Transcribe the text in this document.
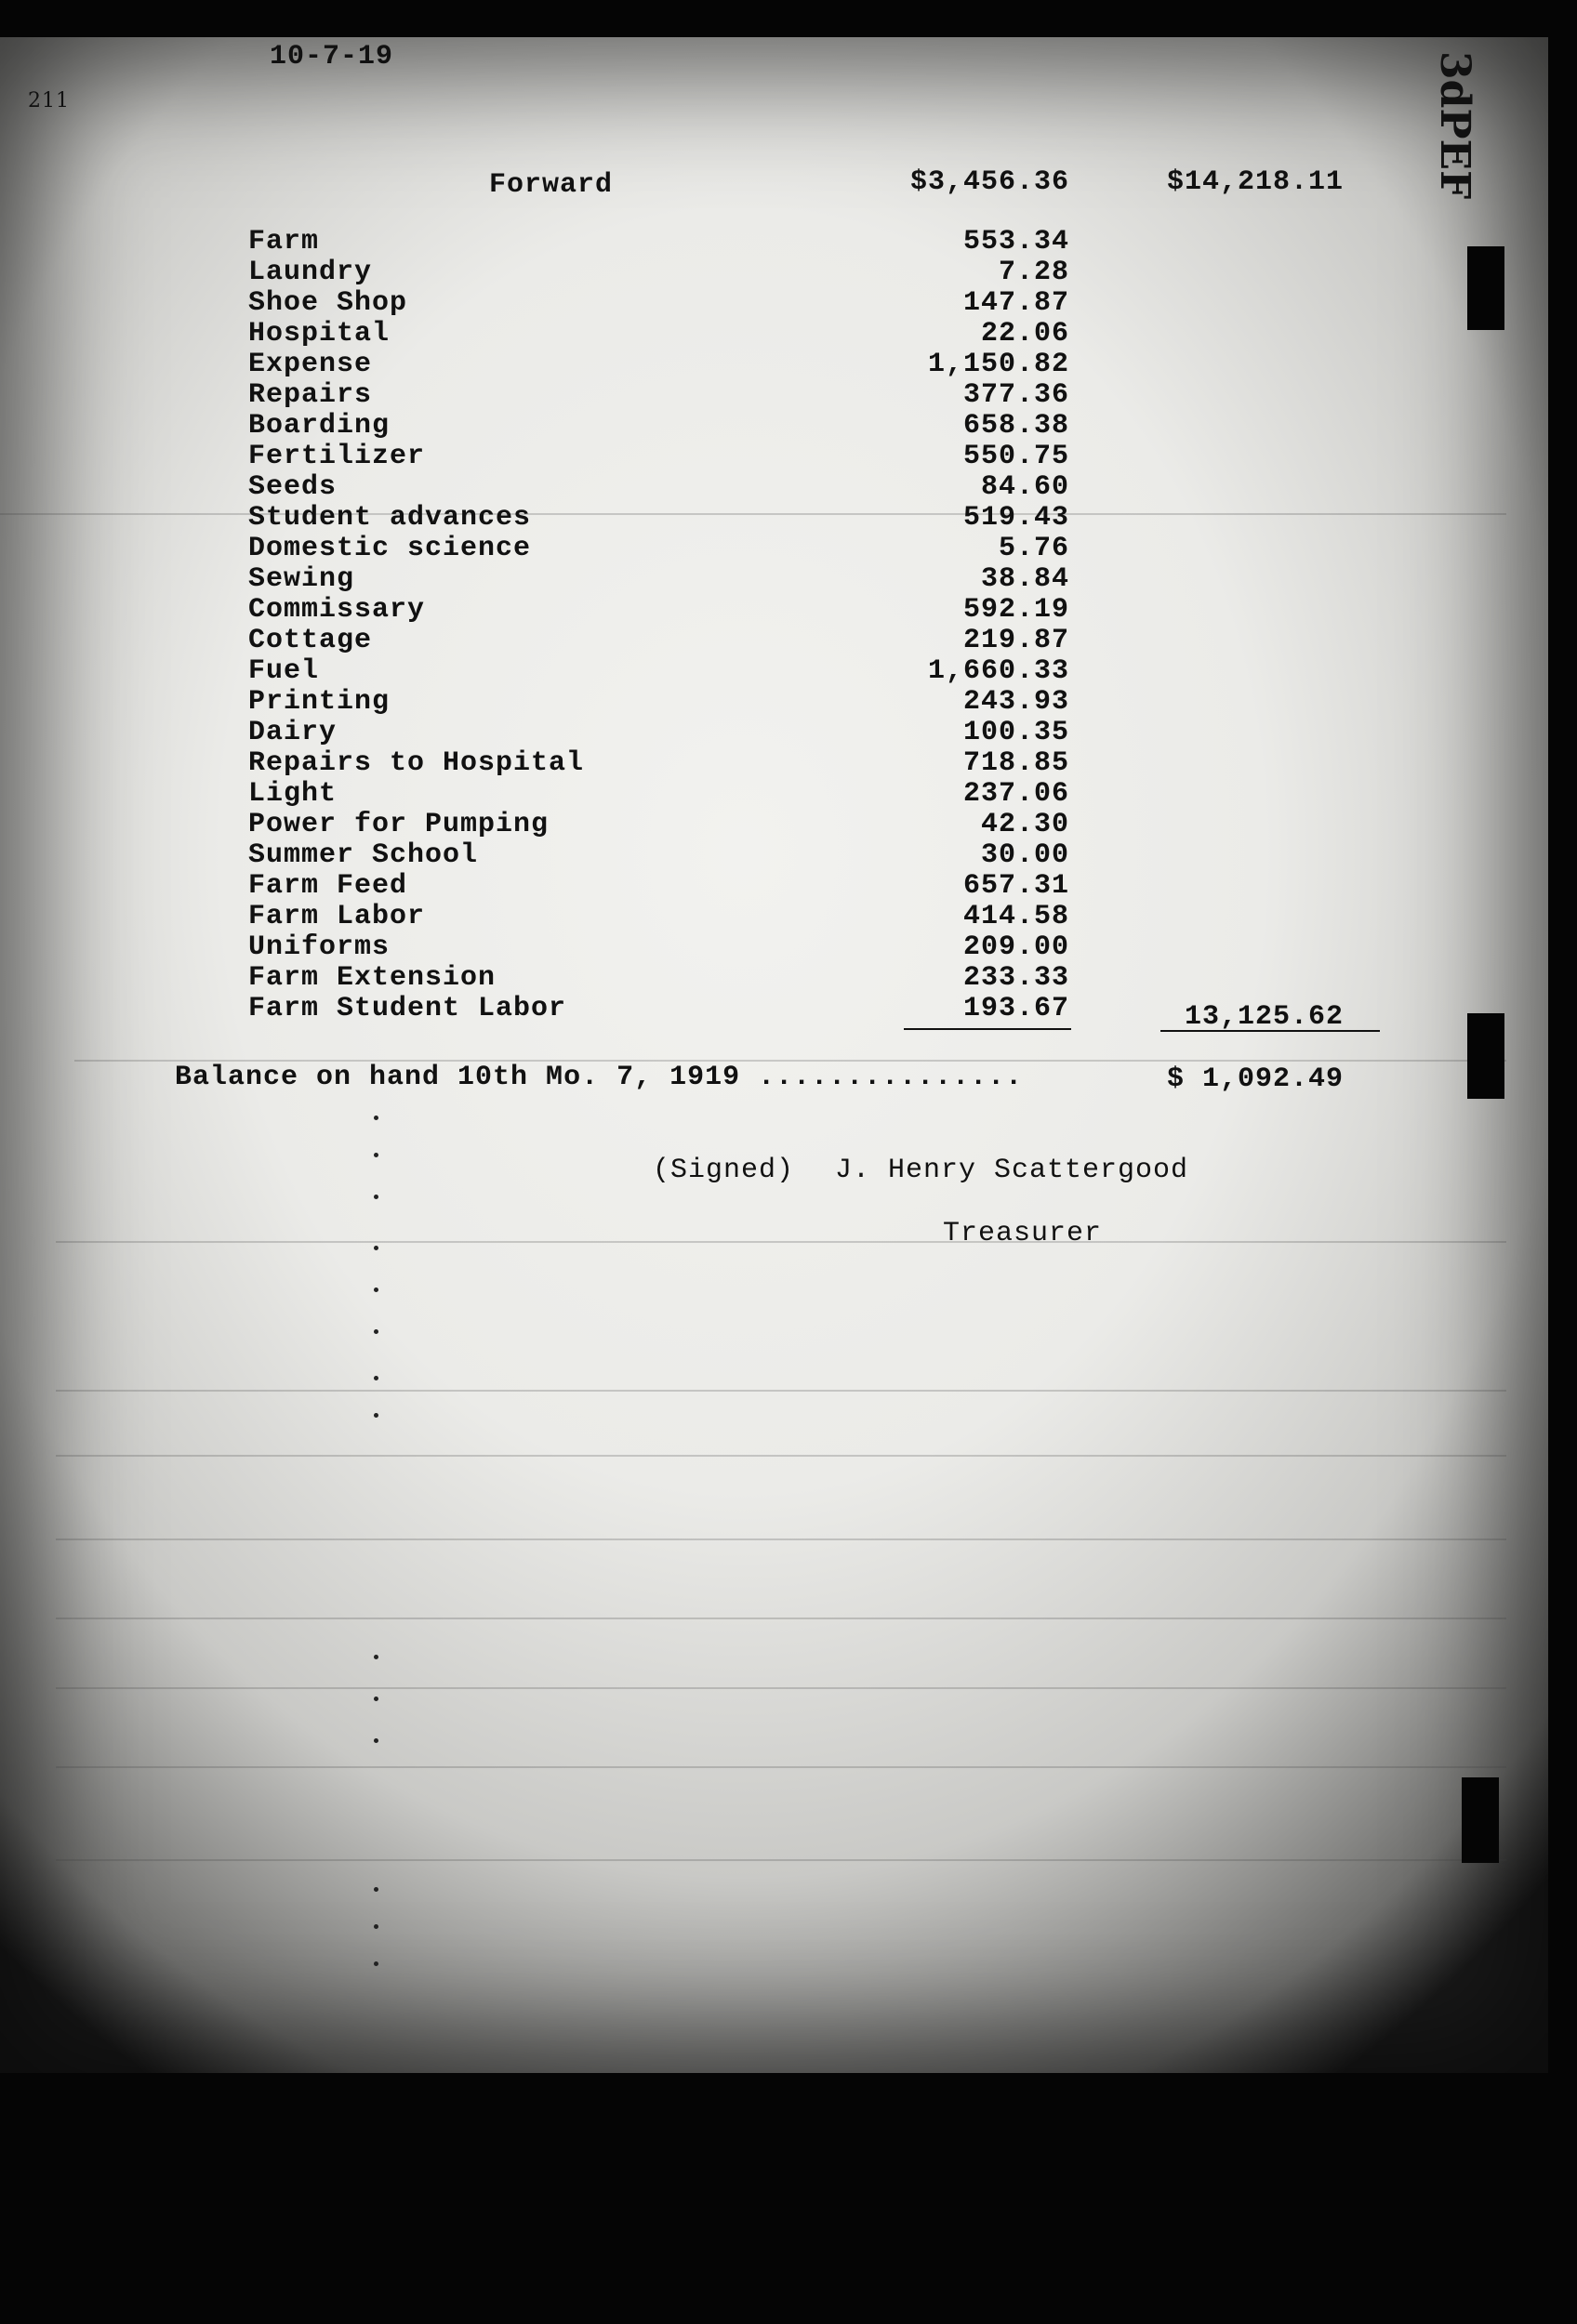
10-7-19
211	3dPEF
Forward	$3,456.36	$14,218.11
Farm	553.34
Laundry	7.28
Shoe Shop	147.87
Hospital	22.06
Expense	1,150.82
Repairs	377.36
Boarding	658.38
Fertilizer	550.75
Seeds	84.60
Student advances	519.43
Domestic science	5.76
Sewing	38.84
Commissary	592.19
Cottage	219.87
Fuel	1,660.33
Printing	243.93
Dairy	100.35
Repairs to Hospital	718.85
Light	237.06
Power for Pumping	42.30
Summer School	30.00
Farm Feed	657.31
Farm Labor	414.58
Uniforms	209.00
Farm Extension	233.33
Farm Student Labor	193.67	13,125.62
Balance on hand 10th Mo. 7, 1919 ...............	$ 1,092.49
(Signed) J. Henry Scattergood
Treasurer
